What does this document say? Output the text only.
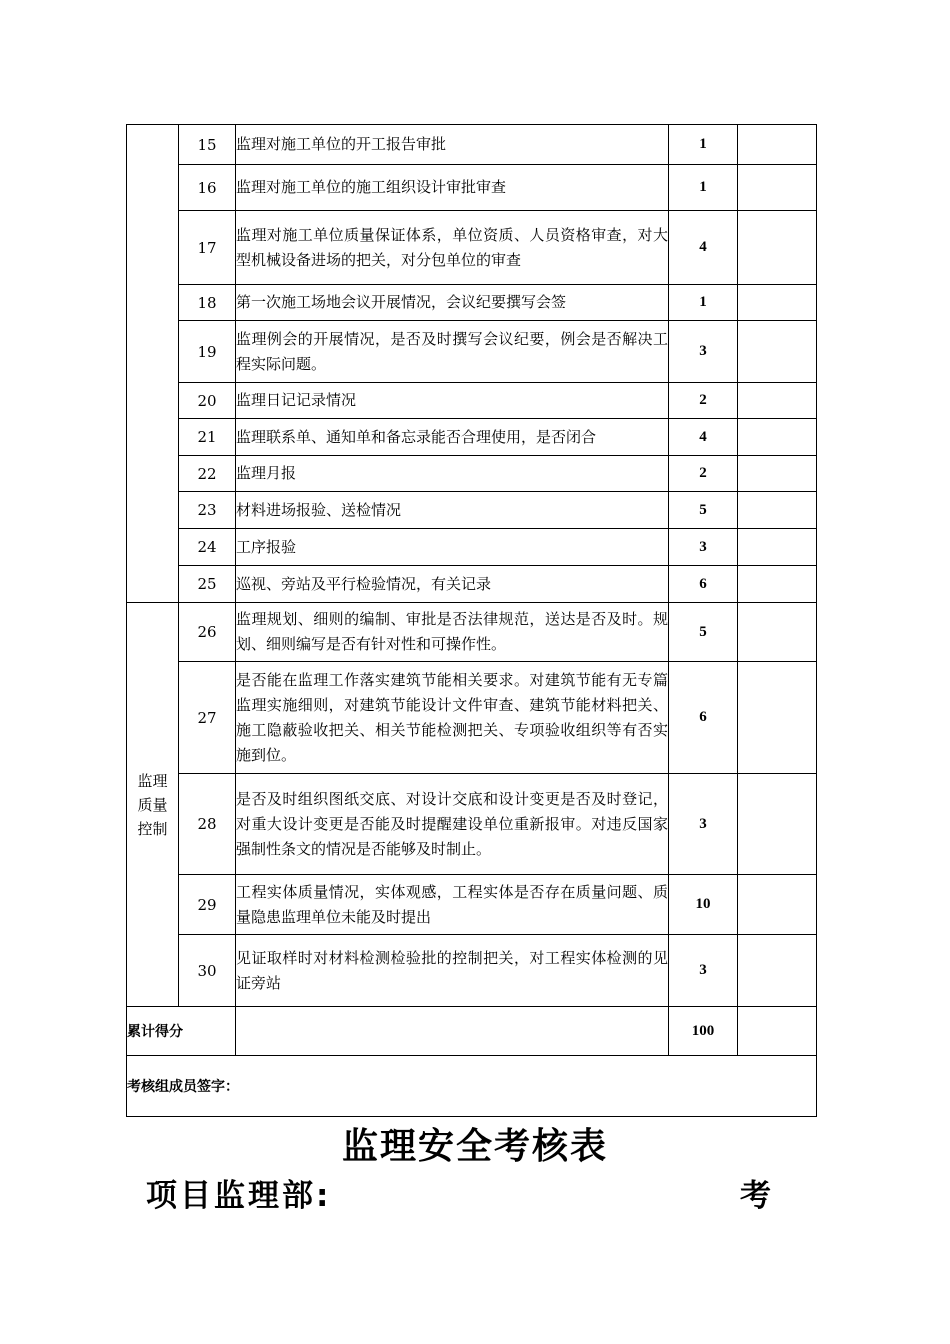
	15	监理对施工单位的开工报告审批	1	
	16	监理对施工单位的施工组织设计审批审查	1	
	17	监理对施工单位质量保证体系，单位资质、人员资格审查，对大型机械设备进场的把关，对分包单位的审查	4	
	18	第一次施工场地会议开展情况，会议纪要撰写会签	1	
	19	监理例会的开展情况，是否及时撰写会议纪要，例会是否解决工程实际问题。	3	
	20	监理日记记录情况	2	
	21	监理联系单、通知单和备忘录能否合理使用，是否闭合	4	
	22	监理月报	2	
	23	材料进场报验、送检情况	5	
	24	工序报验	3	
	25	巡视、旁站及平行检验情况，有关记录	6	

监理质量控制	26	监理规划、细则的编制、审批是否法律规范，送达是否及时。规划、细则编写是否有针对性和可操作性。	5	
	27	是否能在监理工作落实建筑节能相关要求。对建筑节能有无专篇监理实施细则，对建筑节能设计文件审查、建筑节能材料把关、施工隐蔽验收把关、相关节能检测把关、专项验收组织等有否实施到位。	6	
	28	是否及时组织图纸交底、对设计交底和设计变更是否及时登记，对重大设计变更是否能及时提醒建设单位重新报审。对违反国家强制性条文的情况是否能够及时制止。	3	
	29	工程实体质量情况，实体观感，工程实体是否存在质量问题、质量隐患监理单位未能及时提出	10	
	30	见证取样时对材料检测检验批的控制把关，对工程实体检测的见证旁站	3	
累计得分			100	
考核组成员签字：				
监理安全考核表
项目监理部:	考
